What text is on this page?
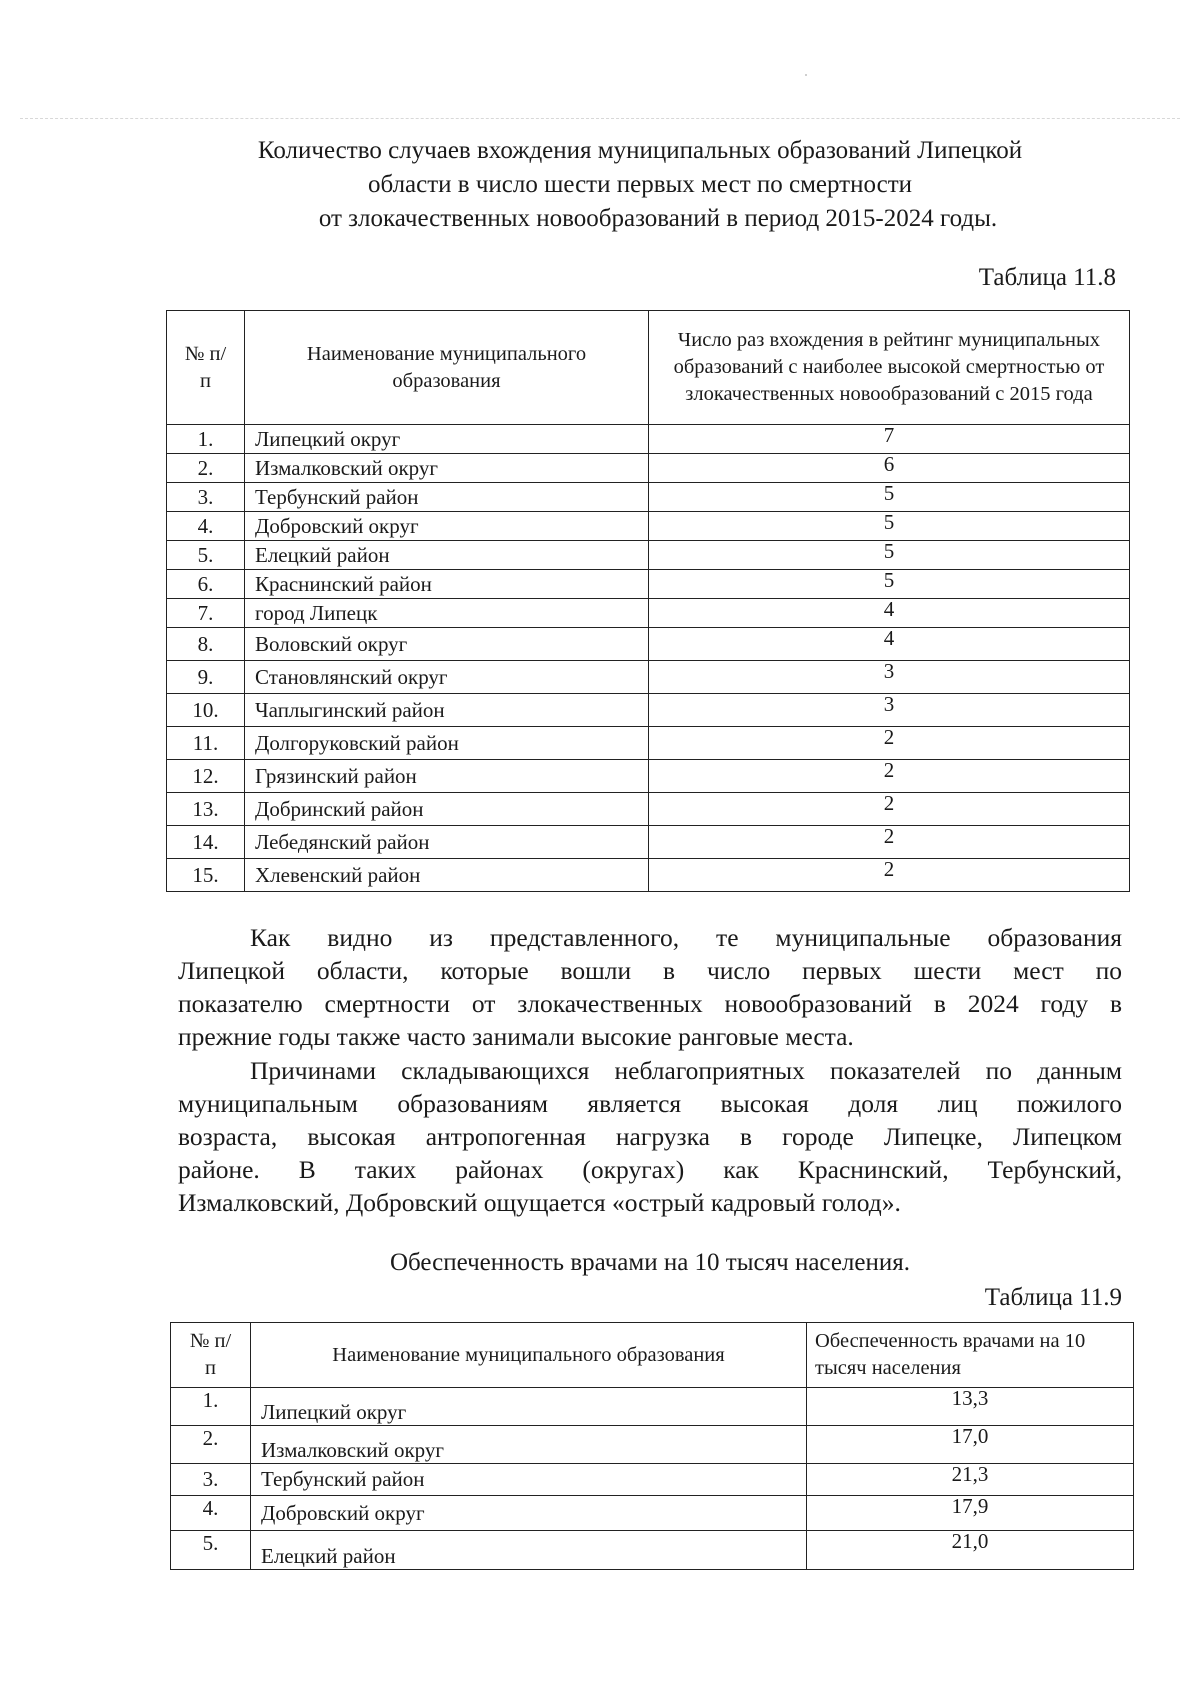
Количество случаев вхождения муниципальных образований Липецкой
области в число шести первых мест по смертности
от злокачественных новообразований в период 2015-2024 годы.
Таблица 11.8
№ п/п	Наименование муниципального образования	Число раз вхождения в рейтинг муниципальных образований с наиболее высокой смертностью от злокачественных новообразований с 2015 года
1.	Липецкий округ	7
2.	Измалковский округ	6
3.	Тербунский район	5
4.	Добровский округ	5
5.	Елецкий район	5
6.	Краснинский район	5
7.	город Липецк	4
8.	Воловский округ	4
9.	Становлянский округ	3
10.	Чаплыгинский район	3
11.	Долгоруковский район	2
12.	Грязинский район	2
13.	Добринский район	2
14.	Лебедянский район	2
15.	Хлевенский район	2
Как видно из представленного, те муниципальные образования
Липецкой области, которые вошли в число первых шести мест по
показателю смертности от злокачественных новообразований в 2024 году в
прежние годы также часто занимали высокие ранговые места.
Причинами складывающихся неблагоприятных показателей по данным
муниципальным образованиям является высокая доля лиц пожилого
возраста, высокая антропогенная нагрузка в городе Липецке, Липецком
районе. В таких районах (округах) как Краснинский, Тербунский,
Измалковский, Добровский ощущается «острый кадровый голод».
Обеспеченность врачами на 10 тысяч населения.
Таблица 11.9
№ п/п	Наименование муниципального образования	Обеспеченность врачами на 10 тысяч населения
1.	Липецкий округ	13,3
2.	Измалковский округ	17,0
3.	Тербунский район	21,3
4.	Добровский округ	17,9
5.	Елецкий район	21,0
